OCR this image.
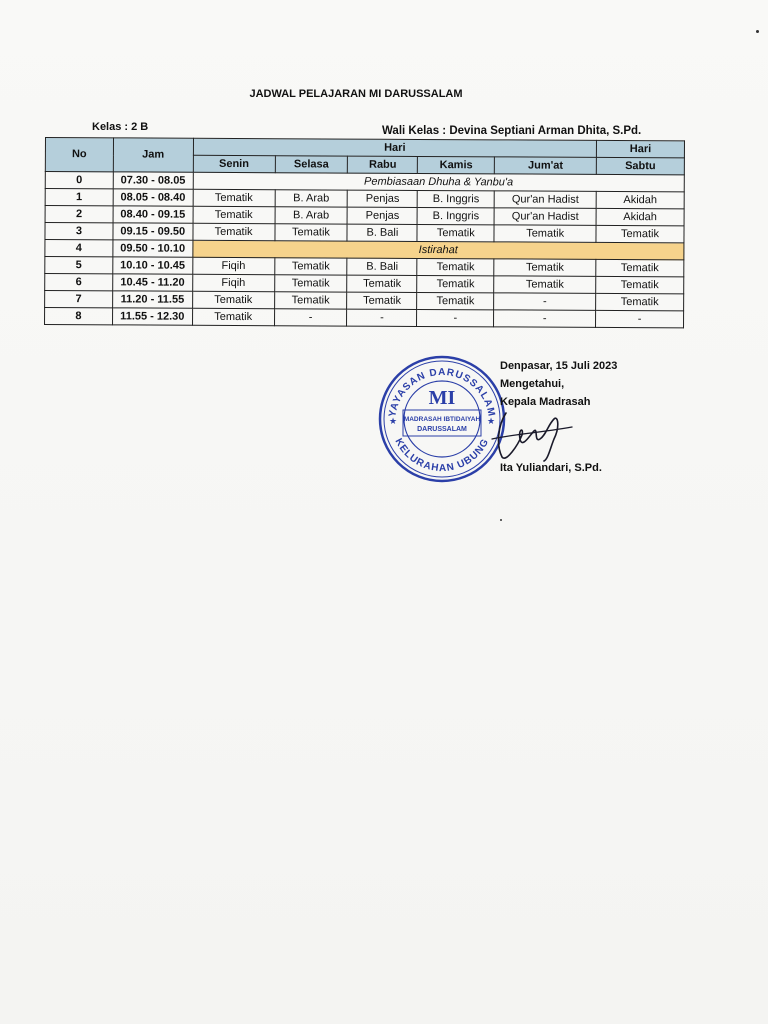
JADWAL PELAJARAN MI DARUSSALAM
Kelas : 2 B	Wali Kelas : Devina Septiani Arman Dhita, S.Pd.
No	Jam	Hari					Hari
		Senin	Selasa	Rabu	Kamis	Jum'at	Sabtu
0	07.30 - 08.05	Pembiasaan Dhuha & Yanbu'a					
1	08.05 - 08.40	Tematik	B. Arab	Penjas	B. Inggris	Qur'an Hadist	Akidah
2	08.40 - 09.15	Tematik	B. Arab	Penjas	B. Inggris	Qur'an Hadist	Akidah
3	09.15 - 09.50	Tematik	Tematik	B. Bali	Tematik	Tematik	Tematik
4	09.50 - 10.10	Istirahat					
5	10.10 - 10.45	Fiqih	Tematik	B. Bali	Tematik	Tematik	Tematik
6	10.45 - 11.20	Fiqih	Tematik	Tematik	Tematik	Tematik	Tematik
7	11.20 - 11.55	Tematik	Tematik	Tematik	Tematik	-	Tematik
8	11.55 - 12.30	Tematik	-	-	-	-	-
YAYASAN DARUSSALAM
KELURAHAN UBUNG
★	★
MI
MADRASAH IBTIDAIYAH
DARUSSALAM
Denpasar, 15 Juli 2023
Mengetahui,
Kepala Madrasah
Ita Yuliandari, S.Pd.
